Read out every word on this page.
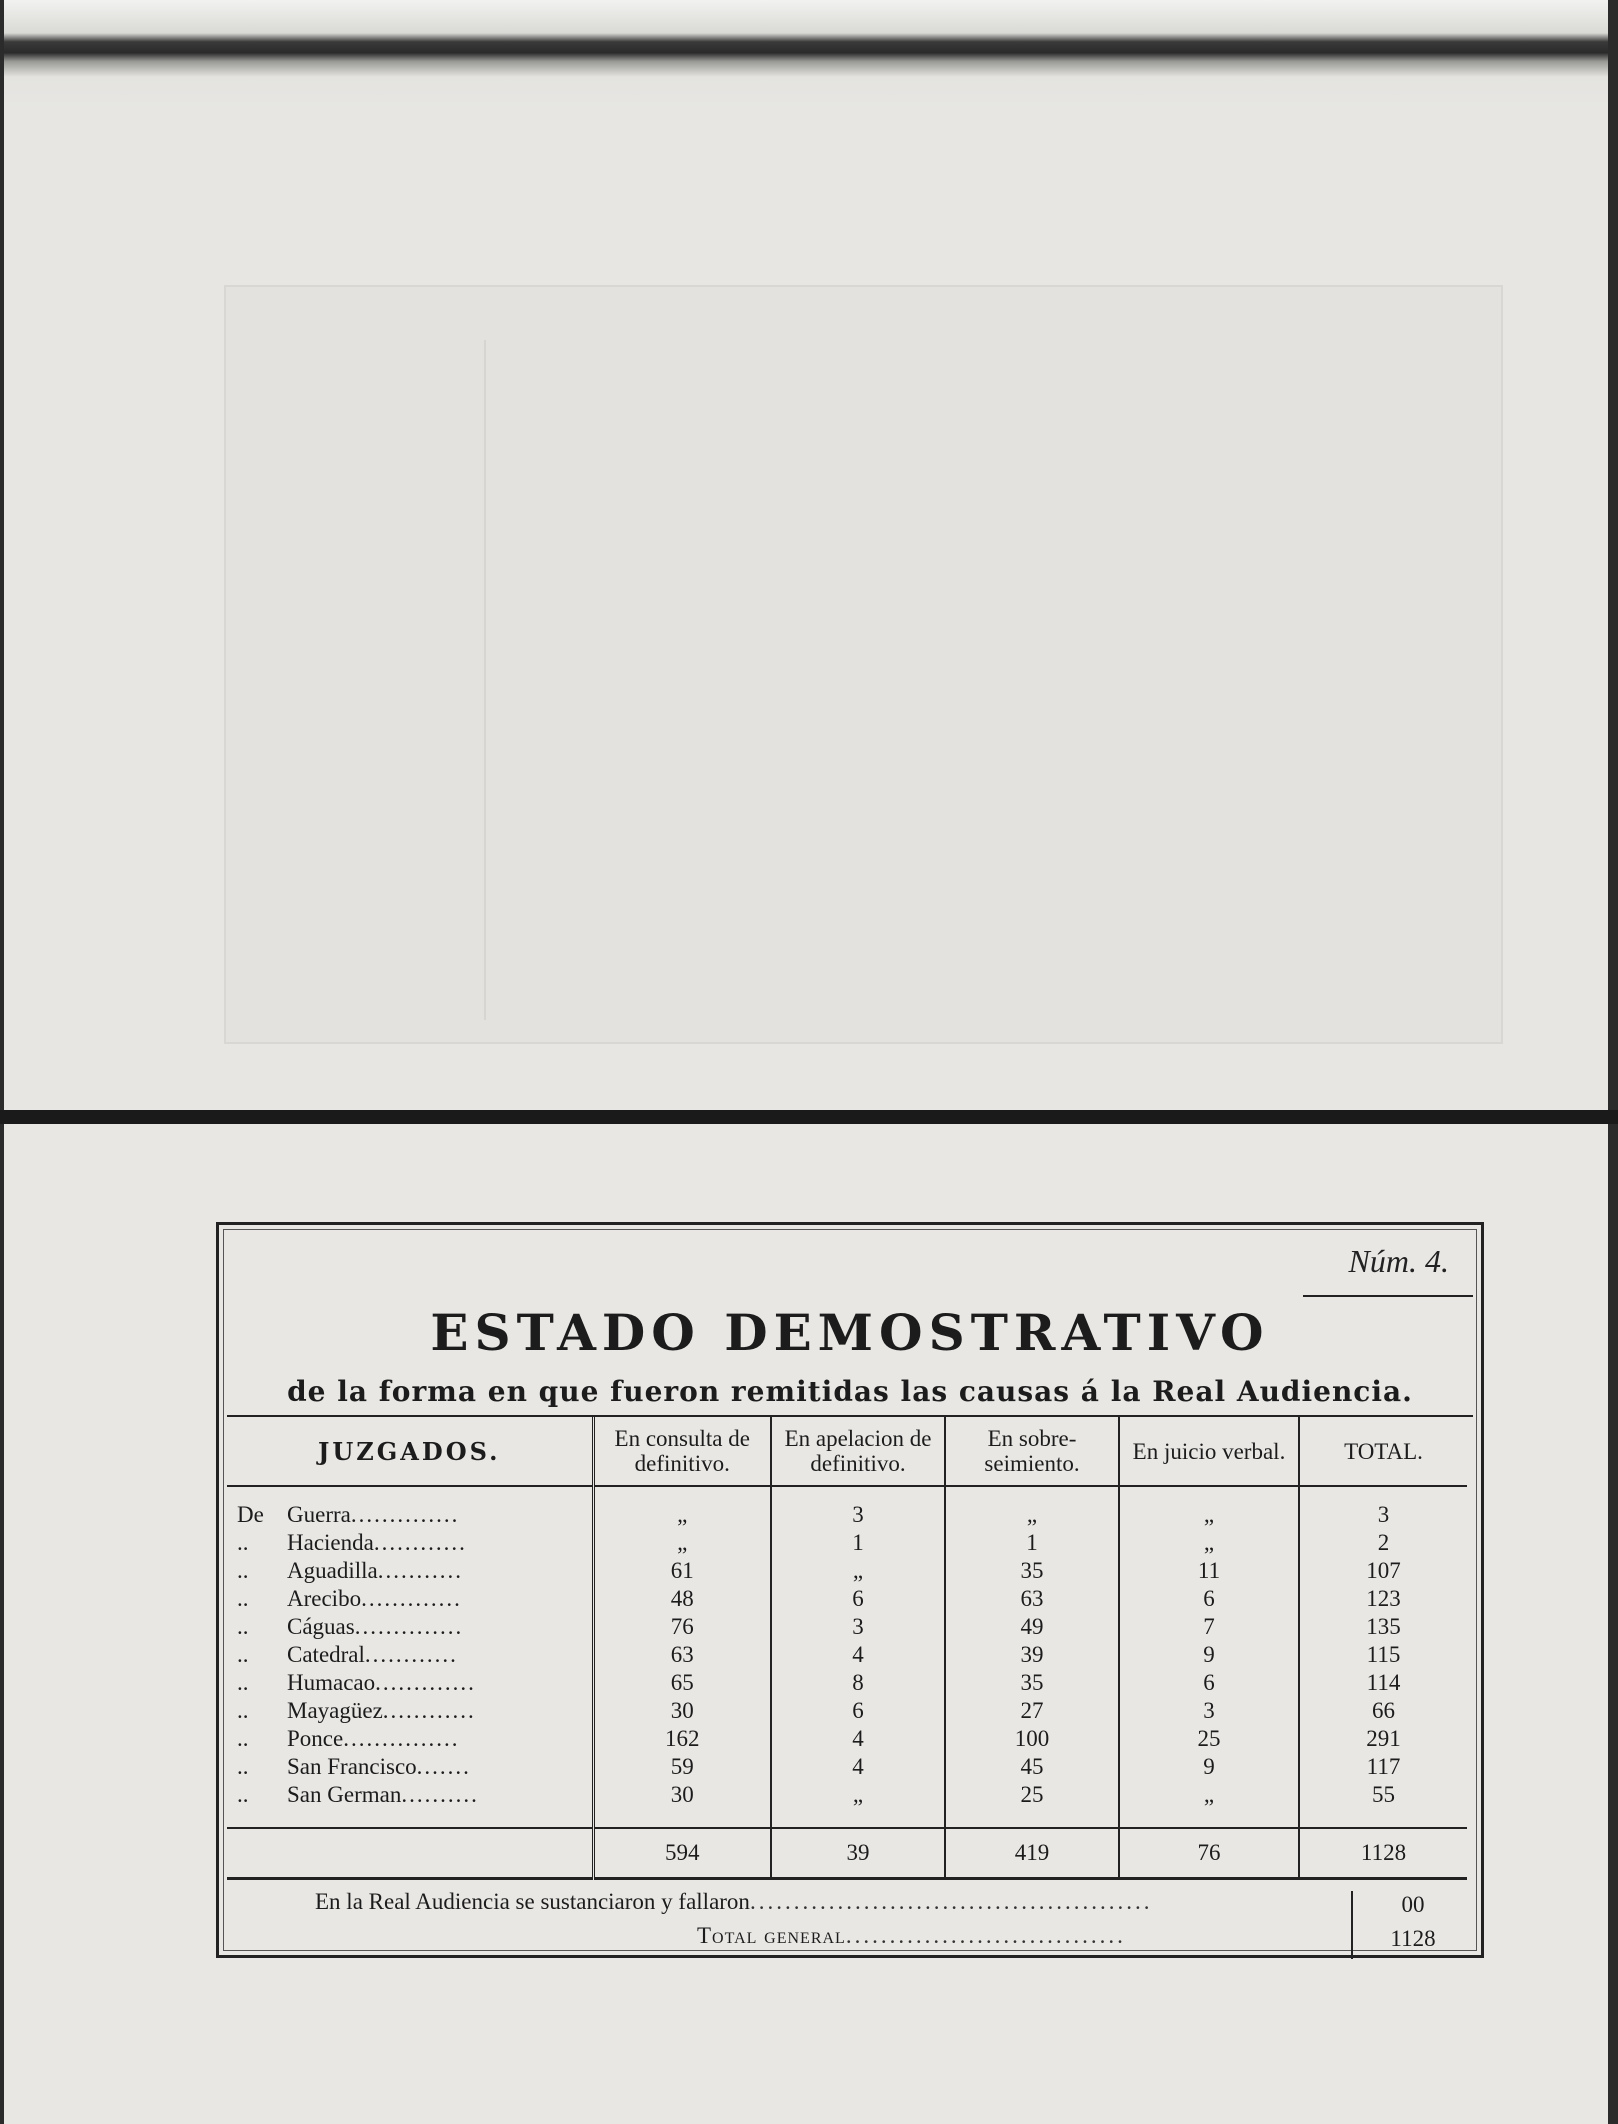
Núm. 4.
ESTADO DEMOSTRATIVO
de la forma en que fueron remitidas las causas á la Real Audiencia.
JUZGADOS.	En consulta de definitivo.	En apelacion de definitivo.	En sobre- seimiento.	En juicio verbal.	TOTAL.
De Guerra..............	„	3	„	„	3
.. Hacienda............	„	1	1	„	2
.. Aguadilla...........	61	„	35	11	107
.. Arecibo.............	48	6	63	6	123
.. Cáguas..............	76	3	49	7	135
.. Catedral............	63	4	39	9	115
.. Humacao.............	65	8	35	6	114
.. Mayagüez............	30	6	27	3	66
.. Ponce...............	162	4	100	25	291
.. San Francisco.......	59	4	45	9	117
.. San German..........	30	„	25	„	55
	594	39	419	76	1128
En la Real Audiencia se sustanciaron y fallaron..............................................	00
Total general................................	1128
